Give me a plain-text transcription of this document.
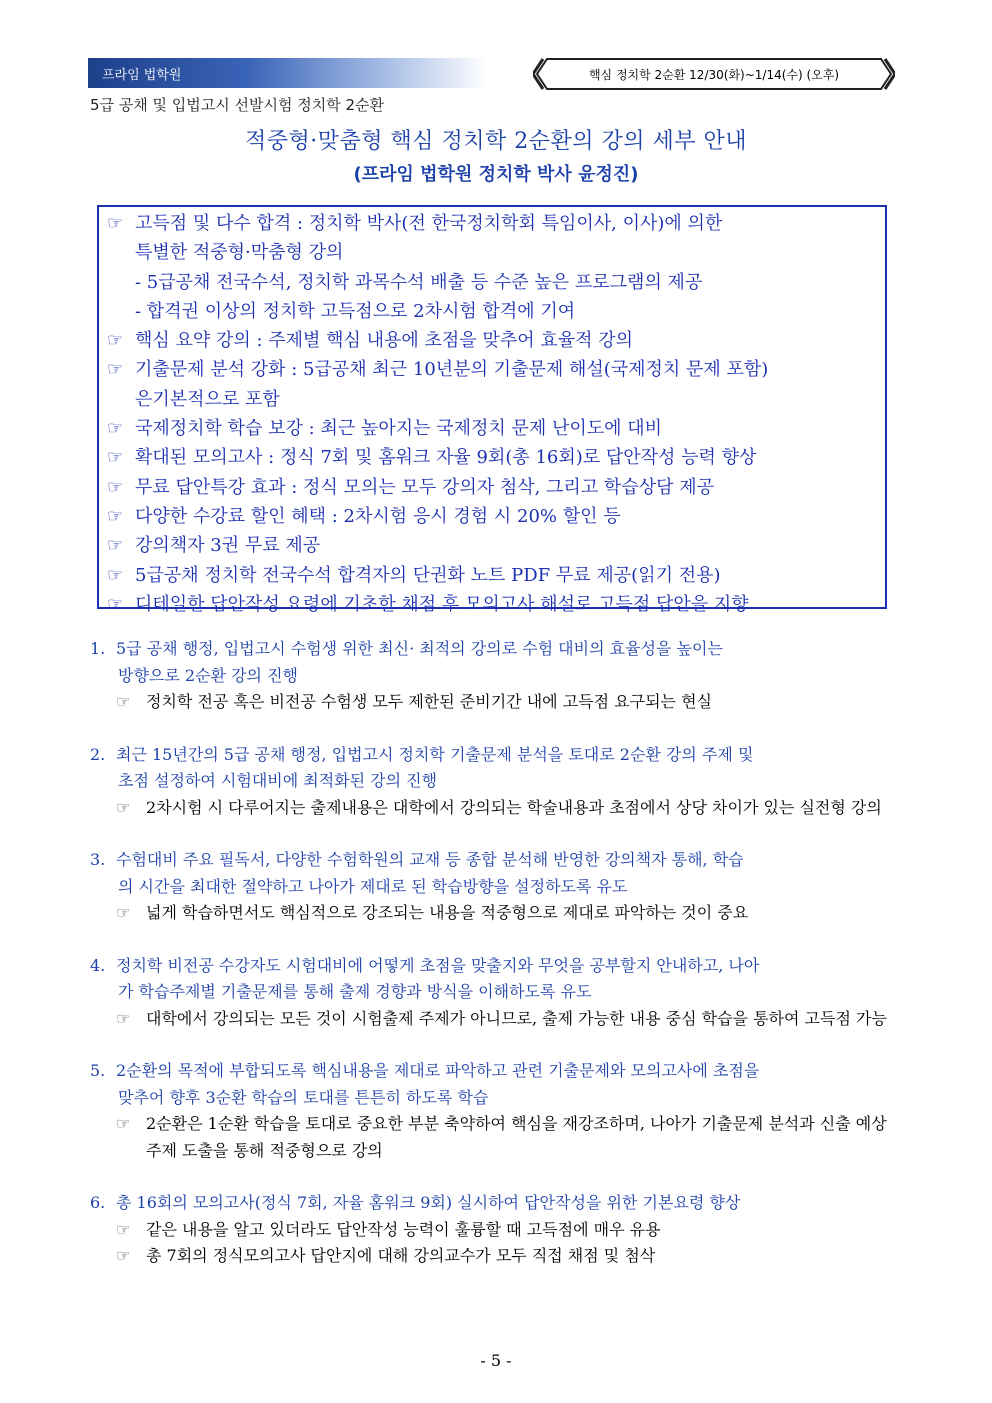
프라임 법학원	핵심 정치학 2순환 12/30(화)~1/14(수) (오후)
5급 공채 및 입법고시 선발시험 정치학 2순환
적중형·맞춤형 핵심 정치학 2순환의 강의 세부 안내
(프라임 법학원 정치학 박사 윤정진)
☞ 고득점 및 다수 합격 : 정치학 박사(전 한국정치학회 특임이사, 이사)에 의한
특별한 적중형·막춤형 강의
- 5급공채 전국수석, 정치학 과목수석 배출 등 수준 높은 프로그램의 제공
- 합격권 이상의 정치학 고득점으로 2차시험 합격에 기여
☞ 핵심 요약 강의 : 주제별 핵심 내용에 초점을 맞추어 효율적 강의
☞ 기출문제 분석 강화 : 5급공채 최근 10년분의 기출문제 해설(국제정치 문제 포함)
은기본적으로 포함
☞ 국제정치학 학습 보강 : 최근 높아지는 국제정치 문제 난이도에 대비
☞ 확대된 모의고사 : 정식 7회 및 홈워크 자율 9회(총 16회)로 답안작성 능력 향상
☞ 무료 답안특강 효과 : 정식 모의는 모두 강의자 첨삭, 그리고 학습상담 제공
☞ 다양한 수강료 할인 혜택 : 2차시험 응시 경험 시 20% 할인 등
☞ 강의책자 3권 무료 제공
☞ 5급공채 정치학 전국수석 합격자의 단권화 노트 PDF 무료 제공(읽기 전용)
☞ 디테일한 답안작성 요령에 기초한 채점 후 모의고사 해설로 고득점 답안을 지향
1. 5급 공채 행정, 입법고시 수험생 위한 최신· 최적의 강의로 수험 대비의 효율성을 높이는
방향으로 2순환 강의 진행
☞ 정치학 전공 혹은 비전공 수험생 모두 제한된 준비기간 내에 고득점 요구되는 현실
2. 최근 15년간의 5급 공채 행정, 입법고시 정치학 기출문제 분석을 토대로 2순환 강의 주제 및
초점 설정하여 시험대비에 최적화된 강의 진행
☞ 2차시험 시 다루어지는 출제내용은 대학에서 강의되는 학술내용과 초점에서 상당 차이가 있는 실전형 강의
3. 수험대비 주요 필독서, 다양한 수험학원의 교재 등 종합 분석해 반영한 강의책자 통해, 학습
의 시간을 최대한 절약하고 나아가 제대로 된 학습방향을 설정하도록 유도
☞ 넓게 학습하면서도 핵심적으로 강조되는 내용을 적중형으로 제대로 파악하는 것이 중요
4. 정치학 비전공 수강자도 시험대비에 어떻게 초점을 맞출지와 무엇을 공부할지 안내하고, 나아
가 학습주제별 기출문제를 통해 출제 경향과 방식을 이해하도록 유도
☞ 대학에서 강의되는 모든 것이 시험출제 주제가 아니므로, 출제 가능한 내용 중심 학습을 통하여 고득점 가능
5. 2순환의 목적에 부합되도록 핵심내용을 제대로 파악하고 관련 기출문제와 모의고사에 초점을
맞추어 향후 3순환 학습의 토대를 튼튼히 하도록 학습
☞ 2순환은 1순환 학습을 토대로 중요한 부분 축약하여 핵심을 재강조하며, 나아가 기출문제 분석과 신출 예상주제 도출을 통해 적중형으로 강의
6. 총 16회의 모의고사(정식 7회, 자율 홈워크 9회) 실시하여 답안작성을 위한 기본요령 향상
☞ 같은 내용을 알고 있더라도 답안작성 능력이 훌륭할 때 고득점에 매우 유용
☞ 총 7회의 정식모의고사 답안지에 대해 강의교수가 모두 직접 채점 및 첨삭
- 5 -
